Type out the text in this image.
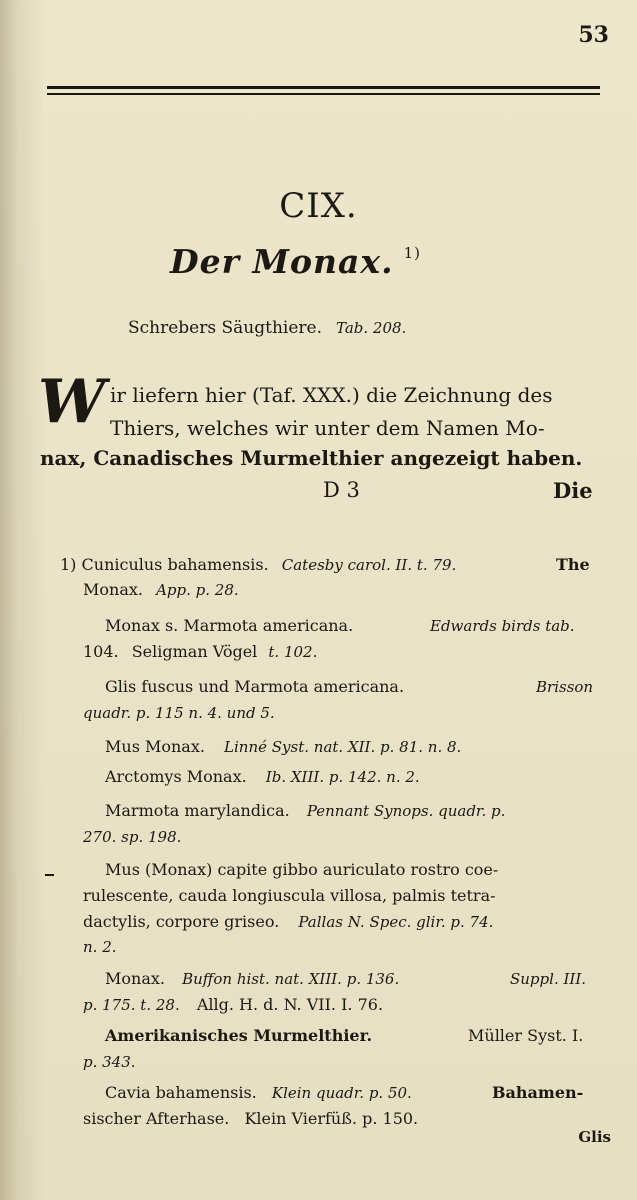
53
CIX.
Der Monax. $^{1)}$
Schrebers Säugthiere. Tab. 208.
W ir liefern hier (Taf. XXX.) die Zeichnung des
Thiers, welches wir unter dem Namen Mo-
nax, Canadisches Murmelthier angezeigt haben.
D 3	Die
1) Cuniculus bahamensis. Catesby carol. II. t. 79.	The
Monax. App. p. 28.
Monax s. Marmota americana.	Edwards birds tab.
104. Seligman Vögel t. 102.
Glis fuscus und Marmota americana.	Brisson
quadr. p. 115 n. 4. und 5.
Mus Monax. Linné Syst. nat. XII. p. 81. n. 8.
Arctomys Monax. Ib. XIII. p. 142. n. 2.
Marmota marylandica. Pennant Synops. quadr. p.
270. sp. 198.
Mus (Monax) capite gibbo auriculato rostro coe-
rulescente, cauda longiuscula villosa, palmis tetra-
dactylis, corpore griseo. Pallas N. Spec. glir. p. 74.
n. 2.
Monax. Buffon hist. nat. XIII. p. 136.	Suppl. III.
p. 175. t. 28. Allg. H. d. N. VII. I. 76.
Amerikanisches Murmelthier.	Müller Syst. I.
p. 343.
Cavia bahamensis. Klein quadr. p. 50.	Bahamen-
sischer Afterhase. Klein Vierfüß. p. 150.
Glis
